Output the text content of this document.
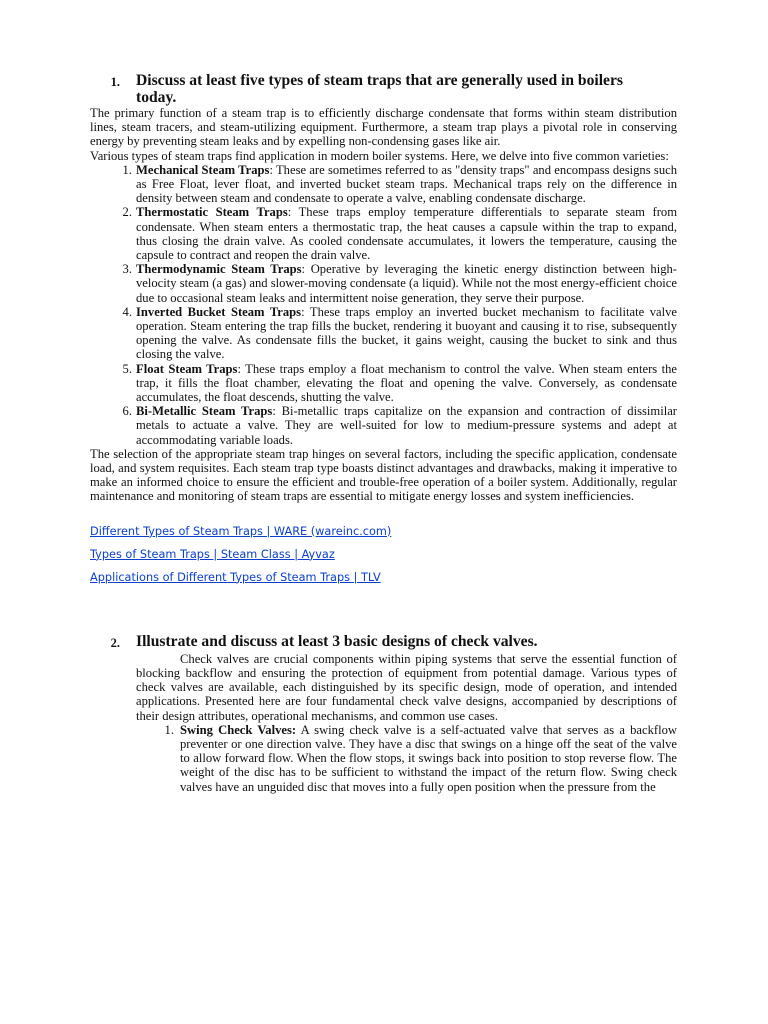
1.	Discuss at least five types of steam traps that are generally used in boilers today.

The primary function of a steam trap is to efficiently discharge condensate that forms within steam distribution lines, steam tracers, and steam-utilizing equipment. Furthermore, a steam trap plays a pivotal role in conserving energy by preventing steam leaks and by expelling non-condensing gases like air.

Various types of steam traps find application in modern boiler systems. Here, we delve into five common varieties:

1. Mechanical Steam Traps: These are sometimes referred to as "density traps" and encompass designs such as Free Float, lever float, and inverted bucket steam traps. Mechanical traps rely on the difference in density between steam and condensate to operate a valve, enabling condensate discharge.
2. Thermostatic Steam Traps: These traps employ temperature differentials to separate steam from condensate. When steam enters a thermostatic trap, the heat causes a capsule within the trap to expand, thus closing the drain valve. As cooled condensate accumulates, it lowers the temperature, causing the capsule to contract and reopen the drain valve.
3. Thermodynamic Steam Traps: Operative by leveraging the kinetic energy distinction between high-velocity steam (a gas) and slower-moving condensate (a liquid). While not the most energy-efficient choice due to occasional steam leaks and intermittent noise generation, they serve their purpose.
4. Inverted Bucket Steam Traps: These traps employ an inverted bucket mechanism to facilitate valve operation. Steam entering the trap fills the bucket, rendering it buoyant and causing it to rise, subsequently opening the valve. As condensate fills the bucket, it gains weight, causing the bucket to sink and thus closing the valve.
5. Float Steam Traps: These traps employ a float mechanism to control the valve. When steam enters the trap, it fills the float chamber, elevating the float and opening the valve. Conversely, as condensate accumulates, the float descends, shutting the valve.
6. Bi-Metallic Steam Traps: Bi-metallic traps capitalize on the expansion and contraction of dissimilar metals to actuate a valve. They are well-suited for low to medium-pressure systems and adept at accommodating variable loads.

The selection of the appropriate steam trap hinges on several factors, including the specific application, condensate load, and system requisites. Each steam trap type boasts distinct advantages and drawbacks, making it imperative to make an informed choice to ensure the efficient and trouble-free operation of a boiler system. Additionally, regular maintenance and monitoring of steam traps are essential to mitigate energy losses and system inefficiencies.

Different Types of Steam Traps | WARE (wareinc.com)
Types of Steam Traps | Steam Class | Ayvaz
Applications of Different Types of Steam Traps | TLV
2.	Illustrate and discuss at least 3 basic designs of check valves.

Check valves are crucial components within piping systems that serve the essential function of blocking backflow and ensuring the protection of equipment from potential damage. Various types of check valves are available, each distinguished by its specific design, mode of operation, and intended applications. Presented here are four fundamental check valve designs, accompanied by descriptions of their design attributes, operational mechanisms, and common use cases.

1. Swing Check Valves: A swing check valve is a self-actuated valve that serves as a backflow preventer or one direction valve. They have a disc that swings on a hinge off the seat of the valve to allow forward flow. When the flow stops, it swings back into position to stop reverse flow. The weight of the disc has to be sufficient to withstand the impact of the return flow. Swing check valves have an unguided disc that moves into a fully open position when the pressure from the
